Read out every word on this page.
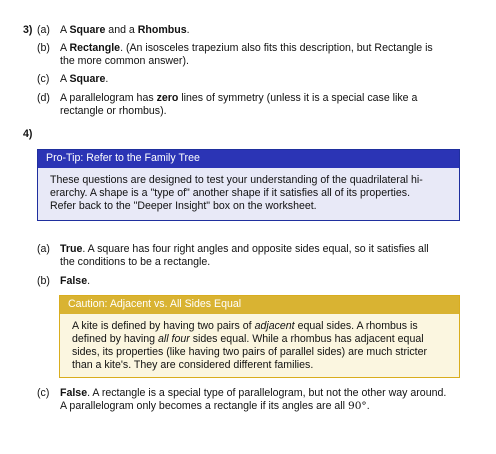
3) (a) A Square and a Rhombus.
(b) A Rectangle. (An isosceles trapezium also fits this description, but Rectangle is
the more common answer).
(c) A Square.
(d) A parallelogram has zero lines of symmetry (unless it is a special case like a
rectangle or rhombus).
4)
Pro-Tip: Refer to the Family Tree
These questions are designed to test your understanding of the quadrilateral hi-
erarchy. A shape is a "type of" another shape if it satisfies all of its properties.
Refer back to the "Deeper Insight" box on the worksheet.
(a) True. A square has four right angles and opposite sides equal, so it satisfies all
the conditions to be a rectangle.
(b) False.
Caution: Adjacent vs. All Sides Equal
A kite is defined by having two pairs of adjacent equal sides. A rhombus is
defined by having all four sides equal. While a rhombus has adjacent equal
sides, its properties (like having two pairs of parallel sides) are much stricter
than a kite's. They are considered different families.
(c) False. A rectangle is a special type of parallelogram, but not the other way around.
A parallelogram only becomes a rectangle if its angles are all 90°.
